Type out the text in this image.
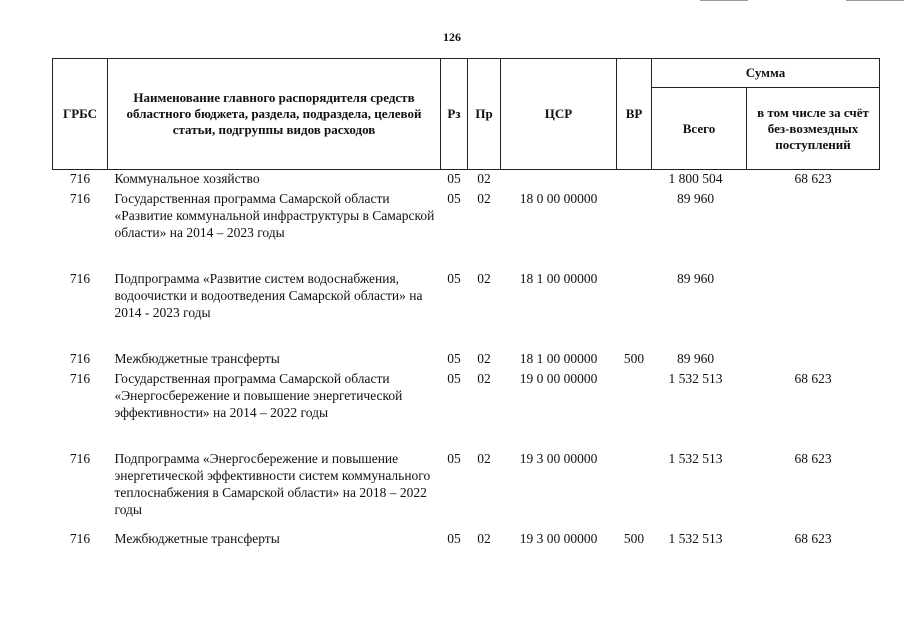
126
ГРБС	Наименование главного распорядителя средств областного бюджета, раздела, подраздела, целевой статьи, подгруппы видов расходов	Рз	Пр	ЦСР	ВР	Сумма	
						Всего	в том числе за счёт без-возмездных поступлений
716	Коммунальное хозяйство	05	02			1 800 504	68 623
716	Государственная программа Самарской области «Развитие коммунальной инфраструктуры в Самарской области» на 2014 – 2023 годы	05	02	18 0 00 00000		89 960	
716	Подпрограмма «Развитие систем водоснабжения, водоочистки и водоотведения Самарской области» на 2014 - 2023 годы	05	02	18 1 00 00000		89 960	
716	Межбюджетные трансферты	05	02	18 1 00 00000	500	89 960	
716	Государственная программа Самарской области «Энергосбережение и повышение энергетической эффективности» на 2014 – 2022 годы	05	02	19 0 00 00000		1 532 513	68 623
716	Подпрограмма «Энергосбережение и повышение энергетической эффективности систем коммунального теплоснабжения в Самарской области» на 2018 – 2022 годы	05	02	19 3 00 00000		1 532 513	68 623
716	Межбюджетные трансферты	05	02	19 3 00 00000	500	1 532 513	68 623
